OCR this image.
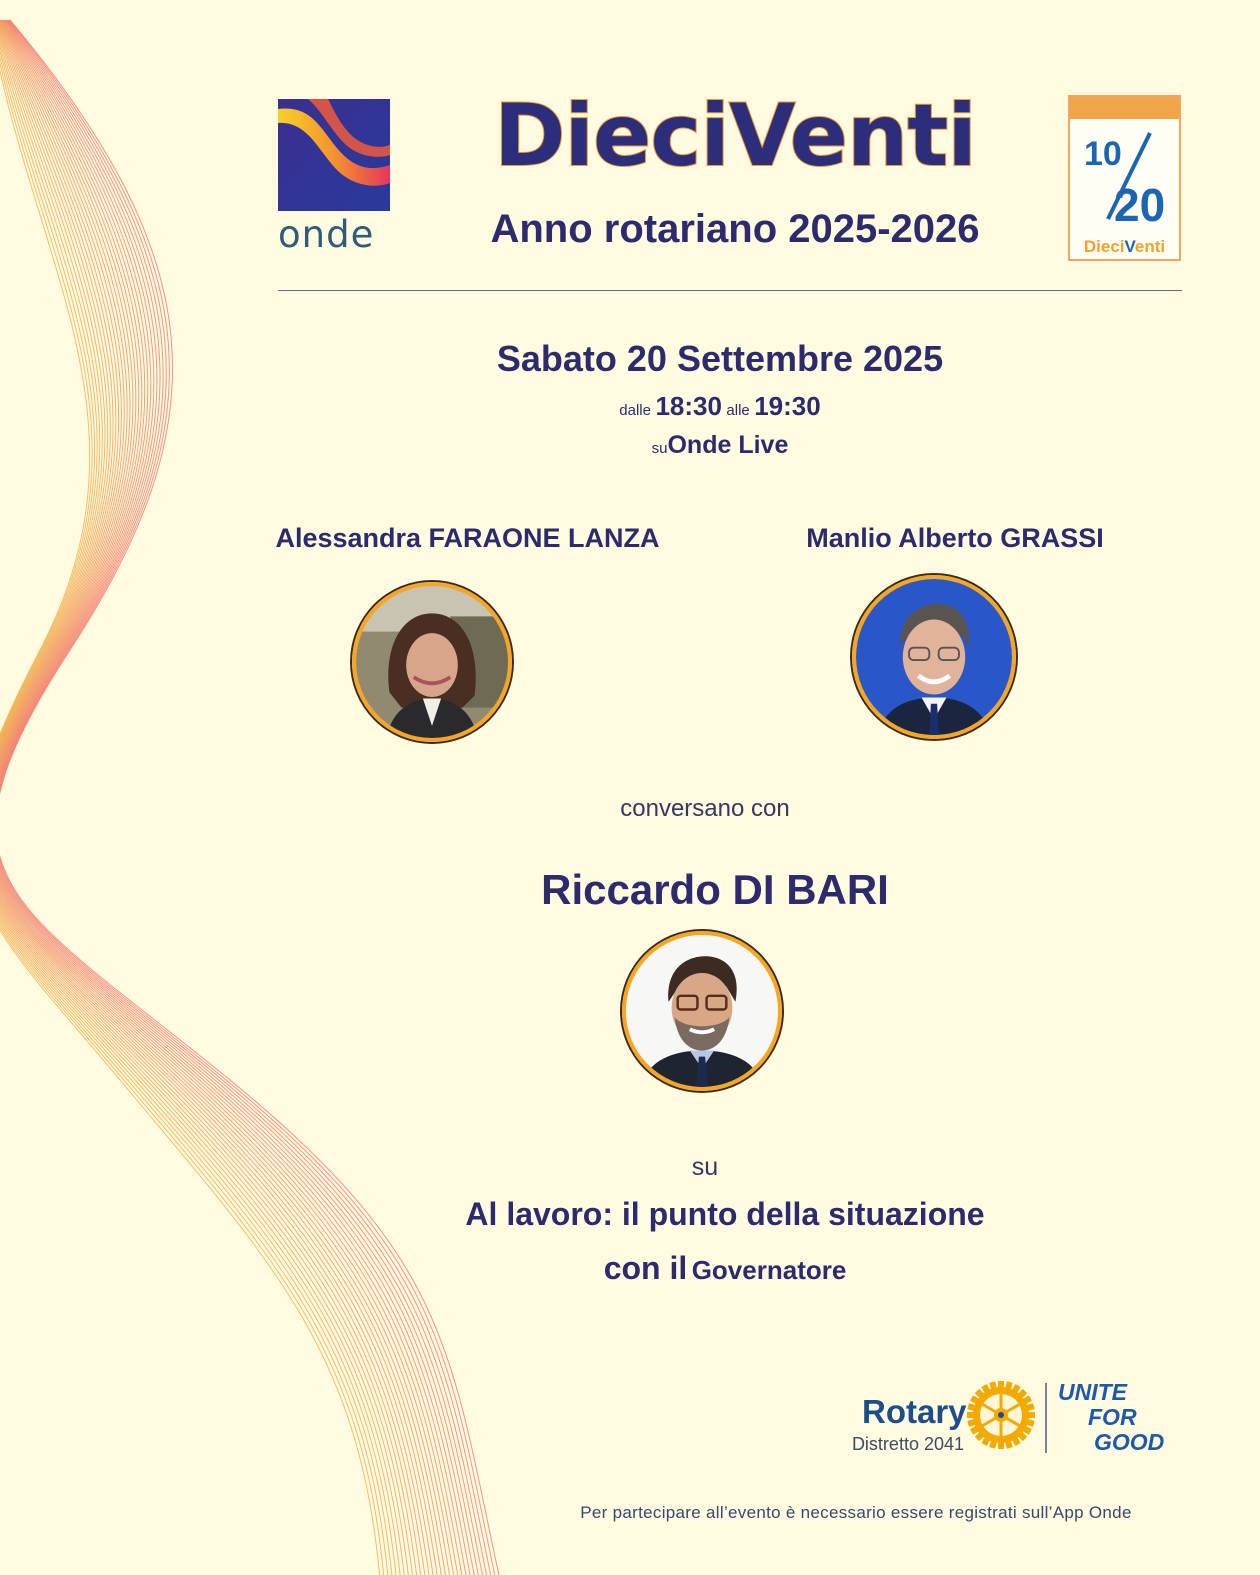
onde
DieciVenti
Anno rotariano 2025-2026
10
20
DieciVenti
Sabato 20 Settembre 2025
dalle 18:30 alle 19:30
suOnde Live
Alessandra FARAONE LANZA	Manlio Alberto GRASSI
conversano con
Riccardo DI BARI
su
Al lavoro: il punto della situazione
con il Governatore
Rotary
Distretto 2041
UNITE
FOR
GOOD
Per partecipare all’evento è necessario essere registrati sull’App Onde
